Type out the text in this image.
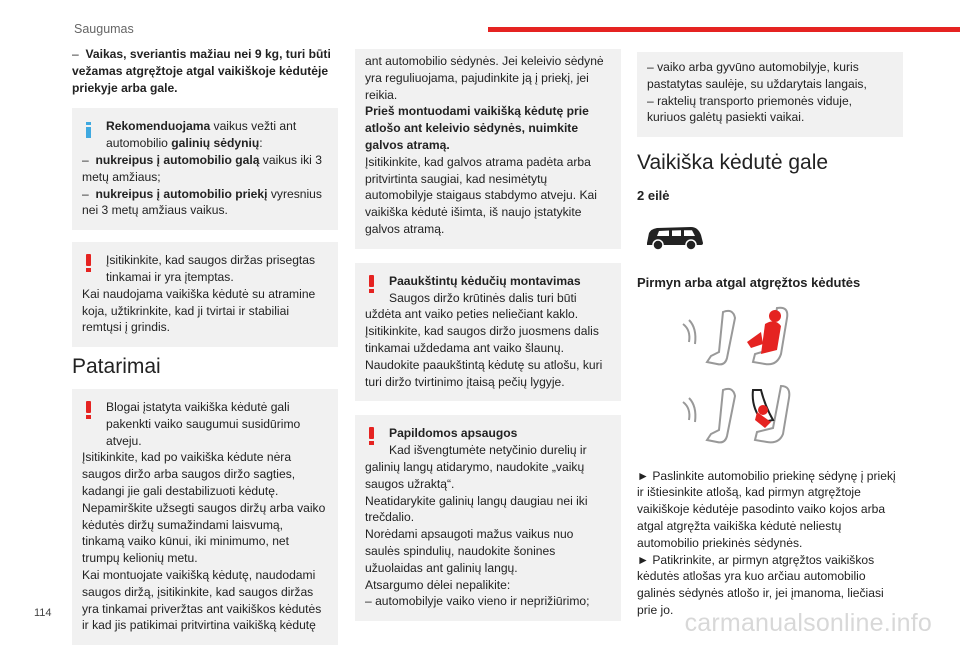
Saugumas

– Vaikas, sveriantis mažiau nei 9 kg, turi būti vežamas atgręžtoje atgal vaikiškoje kėdutėje priekyje arba gale.

Rekomenduojama vaikus vežti ant automobilio galinių sėdynių:

– nukreipus į automobilio galą vaikus iki 3 metų amžiaus;

– nukreipus į automobilio priekį vyresnius nei 3 metų amžiaus vaikus.

Įsitikinkite, kad saugos diržas prisegtas tinkamai ir yra įtemptas.

Kai naudojama vaikiška kėdutė su atramine koja, užtikrinkite, kad ji tvirtai ir stabiliai remtųsi į grindis.

Patarimai

Blogai įstatyta vaikiška kėdutė gali pakenkti vaiko saugumui susidūrimo atveju.

Įsitikinkite, kad po vaikiška kėdute nėra saugos diržo arba saugos diržo sagties, kadangi jie gali destabilizuoti kėdutę.

Nepamirškite užsegti saugos diržų arba vaiko kėdutės diržų sumažindami laisvumą, tinkamą vaiko kūnui, iki minimumo, net trumpų kelionių metu.

Kai montuojate vaikišką kėdutę, naudodami saugos diržą, įsitikinkite, kad saugos diržas yra tinkamai priveržtas ant vaikiškos kėdutės ir kad jis patikimai pritvirtina vaikišką kėdutę

ant automobilio sėdynės. Jei keleivio sėdynė yra reguliuojama, pajudinkite ją į priekį, jei reikia.

Prieš montuodami vaikišką kėdutę prie atlošo ant keleivio sėdynės, nuimkite galvos atramą.

Įsitikinkite, kad galvos atrama padėta arba pritvirtinta saugiai, kad nesimėtytų automobilyje staigaus stabdymo atveju. Kai vaikiška kėdutė išimta, iš naujo įstatykite galvos atramą.

Paaukštintų kėdučių montavimas

Saugos diržo krūtinės dalis turi būti uždėta ant vaiko peties neliečiant kaklo. Įsitikinkite, kad saugos diržo juosmens dalis tinkamai uždedama ant vaiko šlaunų. Naudokite paaukštintą kėdutę su atlošu, kuri turi diržo tvirtinimo įtaisą pečių lygyje.

Papildomos apsaugos

Kad išvengtumėte netyčinio durelių ir galinių langų atidarymo, naudokite „vaikų saugos užraktą“.

Neatidarykite galinių langų daugiau nei iki trečdalio.

Norėdami apsaugoti mažus vaikus nuo saulės spindulių, naudokite šonines užuolaidas ant galinių langų.

Atsargumo dėlei nepalikite:

– automobilyje vaiko vieno ir neprižiūrimo;

– vaiko arba gyvūno automobilyje, kuris pastatytas saulėje, su uždarytais langais,

– raktelių transporto priemonės viduje, kuriuos galėtų pasiekti vaikai.

Vaikiška kėdutė gale
2 eilė
Pirmyn arba atgal atgręžtos kėdutės

► Paslinkite automobilio priekinę sėdynę į priekį ir ištiesinkite atlošą, kad pirmyn atgręžtoje vaikiškoje kėdutėje pasodinto vaiko kojos arba atgal atgręžta vaikiška kėdutė neliestų automobilio priekinės sėdynės.

► Patikrinkite, ar pirmyn atgręžtos vaikiškos kėdutės atlošas yra kuo arčiau automobilio galinės sėdynės atlošo ir, jei įmanoma, liečiasi prie jo.

114	carmanualsonline.info
